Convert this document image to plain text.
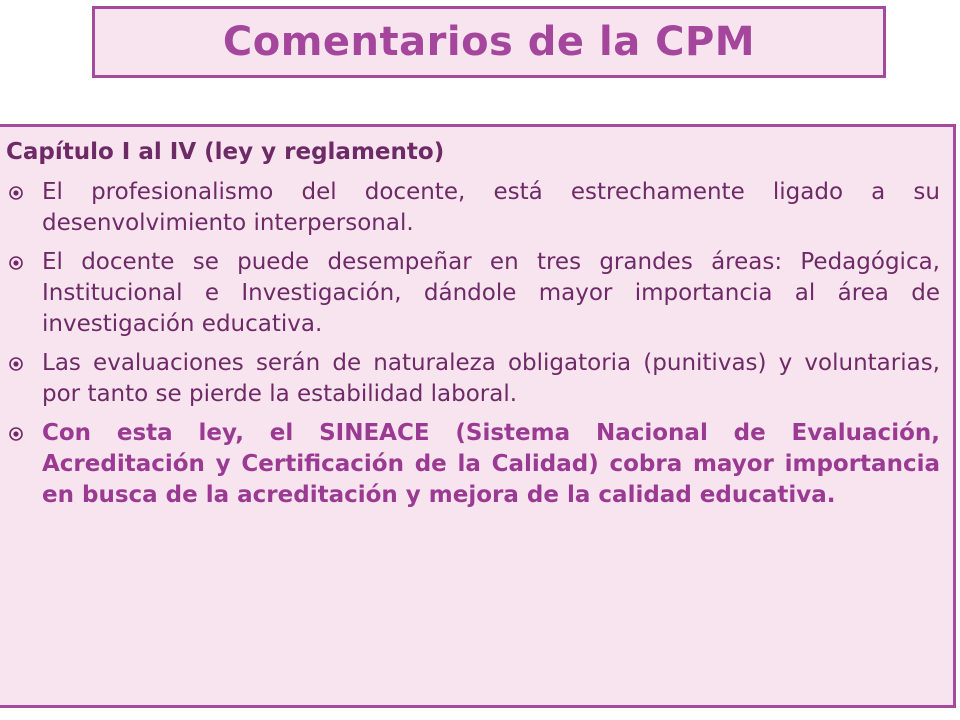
Comentarios de la CPM
Capítulo I al IV (ley y reglamento)
El profesionalismo del docente, está estrechamente ligado a su desenvolvimiento interpersonal.
El docente se puede desempeñar en tres grandes áreas: Pedagógica, Institucional e Investigación, dándole mayor importancia al área de investigación educativa.
Las evaluaciones serán de naturaleza obligatoria (punitivas) y voluntarias, por tanto se pierde la estabilidad laboral.
Con esta ley, el SINEACE (Sistema Nacional de Evaluación, Acreditación y Certificación de la Calidad) cobra mayor importancia en busca de la acreditación y mejora de la calidad educativa.
